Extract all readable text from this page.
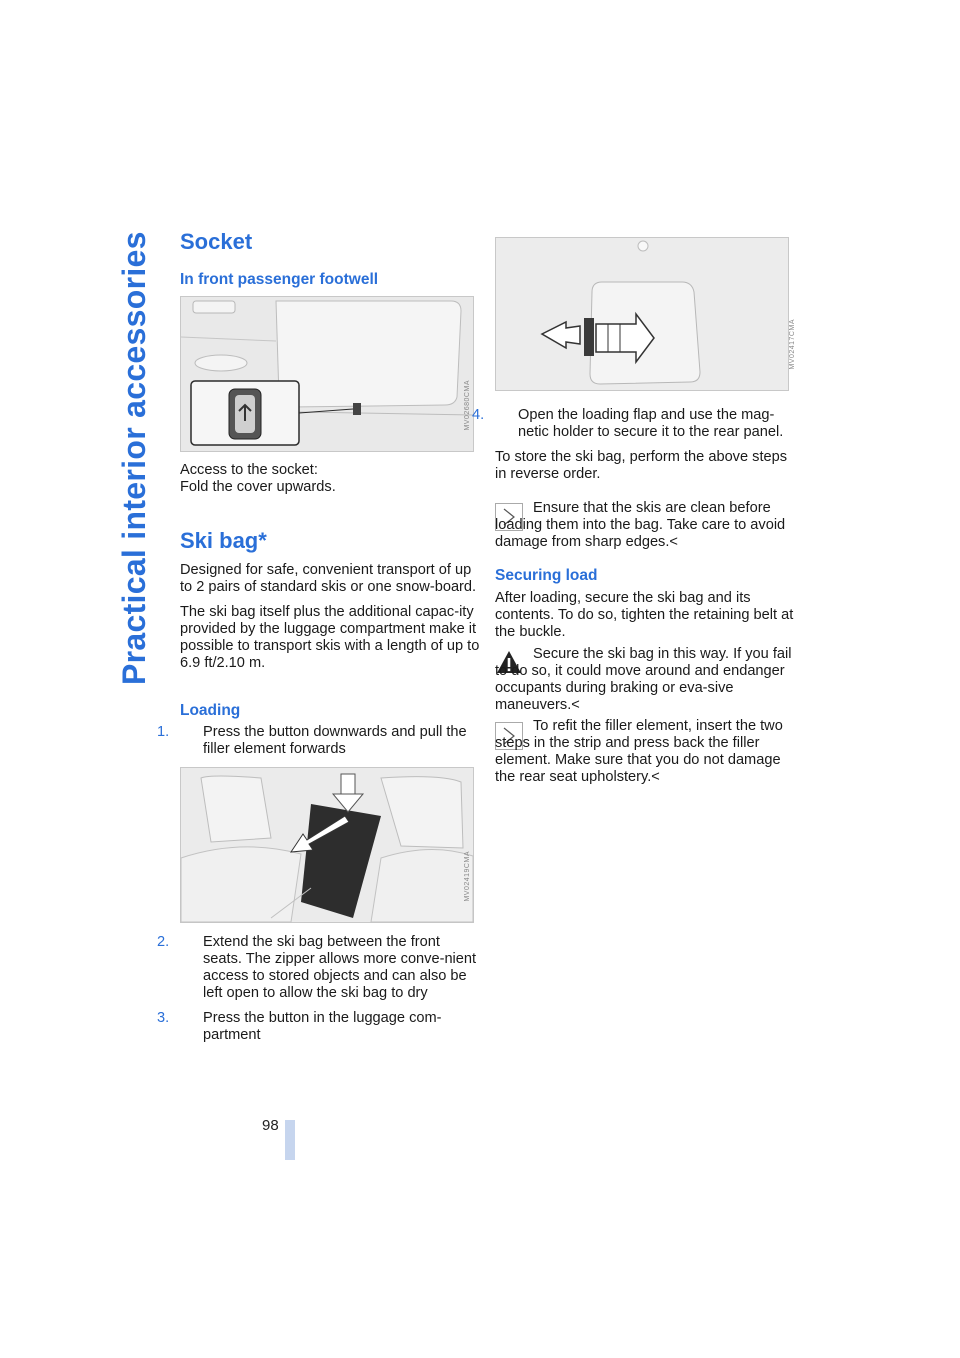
Practical interior accessories
98
Socket
In front passenger footwell
MV02680CMA

Access to the socket:

Fold the cover upwards.

Ski bag*

Designed for safe, convenient transport of up to 2 pairs of standard skis or one snow-board.

The ski bag itself plus the additional capac-ity provided by the luggage compartment make it possible to transport skis with a length of up to 6.9 ft/2.10 m.

Loading

1. Press the button downwards and pull the filler element forwards

MV02419CMA

2. Extend the ski bag between the front seats. The zipper allows more conve-nient access to stored objects and can also be left open to allow the ski bag to dry

3. Press the button in the luggage com-partment

MV02417CMA

4. Open the loading flap and use the mag-netic holder to secure it to the rear panel.

To store the ski bag, perform the above steps in reverse order.

Ensure that the skis are clean before loading them into the bag. Take care to avoid damage from sharp edges.<

Securing load

After loading, secure the ski bag and its contents. To do so, tighten the retaining belt at the buckle.

Secure the ski bag in this way. If you fail to do so, it could move around and endanger occupants during braking or eva-sive maneuvers.<

To refit the filler element, insert the two steps in the strip and press back the filler element. Make sure that you do not damage the rear seat upholstery.<
